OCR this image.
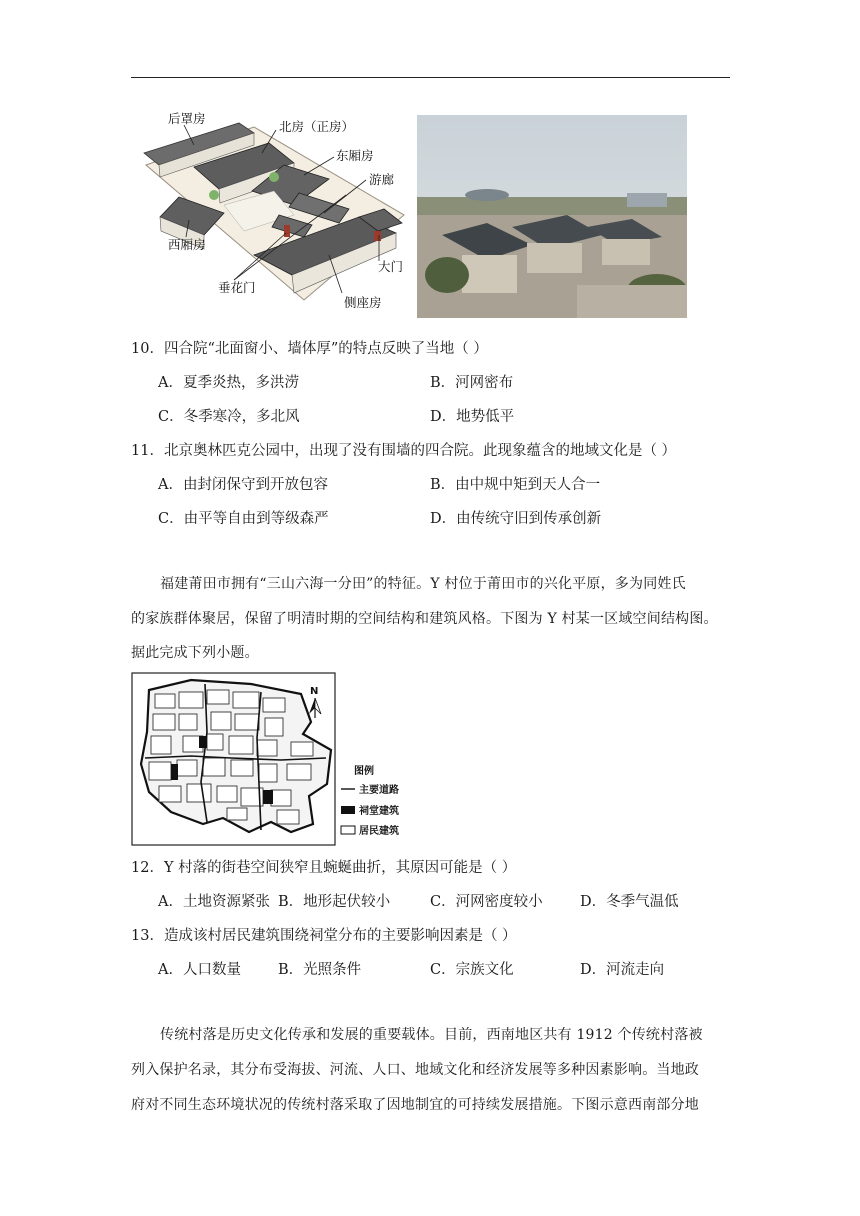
后罩房
北房（正房）
东厢房
游廊
西厢房
大门
垂花门
侧座房
10．四合院“北面窗小、墙体厚”的特点反映了当地（ ）
A．夏季炎热，多洪涝	B．河网密布
C．冬季寒冷，多北风	D．地势低平
11．北京奥林匹克公园中，出现了没有围墙的四合院。此现象蕴含的地域文化是（ ）
A．由封闭保守到开放包容	B．由中规中矩到天人合一
C．由平等自由到等级森严	D．由传统守旧到传承创新
福建莆田市拥有“三山六海一分田”的特征。Y 村位于莆田市的兴化平原，多为同姓氏
的家族群体聚居，保留了明清时期的空间结构和建筑风格。下图为 Y 村某一区域空间结构图。
据此完成下列小题。
N
图例
主要道路
祠堂建筑
居民建筑
12．Y 村落的街巷空间狭窄且蜿蜒曲折，其原因可能是（ ）
A．土地资源紧张 B．地形起伏较小	C．河网密度较小	D．冬季气温低
13．造成该村居民建筑围绕祠堂分布的主要影响因素是（ ）
A．人口数量	B．光照条件	C．宗族文化	D．河流走向
传统村落是历史文化传承和发展的重要载体。目前，西南地区共有 1912 个传统村落被
列入保护名录，其分布受海拔、河流、人口、地域文化和经济发展等多种因素影响。当地政
府对不同生态环境状况的传统村落采取了因地制宜的可持续发展措施。下图示意西南部分地
